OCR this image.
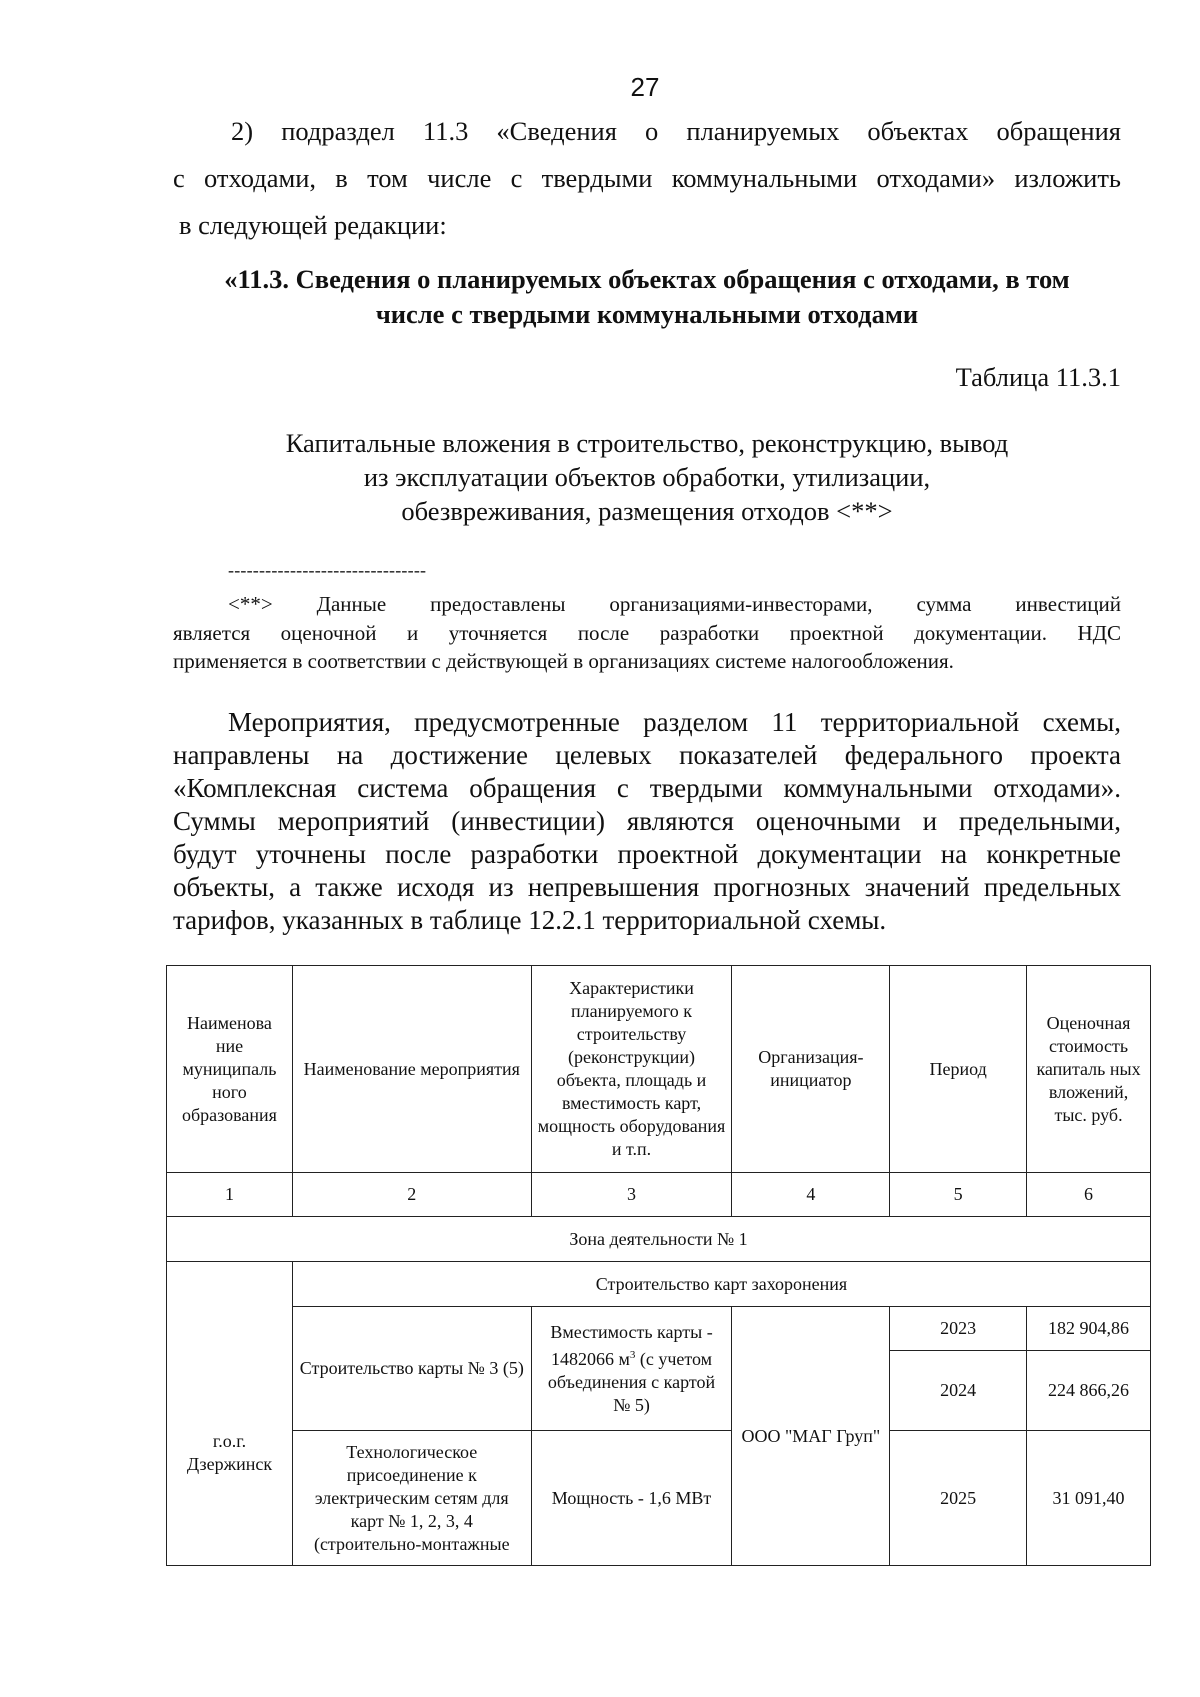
27
2) подраздел 11.3 «Сведения о планируемых объектах обращения
с отходами, в том числе с твердыми коммунальными отходами» изложить
в следующей редакции:
«11.3. Сведения о планируемых объектах обращения с отходами, в том
числе с твердыми коммунальными отходами
Таблица 11.3.1
Капитальные вложения в строительство, реконструкцию, вывод
из эксплуатации объектов обработки, утилизации,
обезвреживания, размещения отходов <**>
--------------------------------
<**> Данные предоставлены организациями-инвесторами, сумма инвестиций
является оценочной и уточняется после разработки проектной документации. НДС
применяется в соответствии с действующей в организациях системе налогообложения.
Мероприятия, предусмотренные разделом 11 территориальной схемы,
направлены на достижение целевых показателей федерального проекта
«Комплексная система обращения с твердыми коммунальными отходами».
Суммы мероприятий (инвестиции) являются оценочными и предельными,
будут уточнены после разработки проектной документации на конкретные
объекты, а также исходя из непревышения прогнозных значений предельных
тарифов, указанных в таблице 12.2.1 территориальной схемы.
Наименова ние муниципаль ного образования	Наименование мероприятия	Характеристики планируемого к строительству (реконструкции) объекта, площадь и вместимость карт, мощность оборудования и т.п.	Организация-инициатор	Период	Оценочная стоимость капиталь ных вложений, тыс. руб.
1	2	3	4	5	6
Зона деятельности № 1					
г.о.г. Дзержинск	Строительство карт захоронения				
	Строительство карты № 3 (5)	Вместимость карты - 1482066 $м^3$ (с учетом объединения с картой № 5)	ООО "МАГ Груп"	2023	182 904,86
				2024	224 866,26
	Технологическое присоединение к электрическим сетям для карт № 1, 2, 3, 4 (строительно-монтажные	Мощность - 1,6 МВт		2025	31 091,40
